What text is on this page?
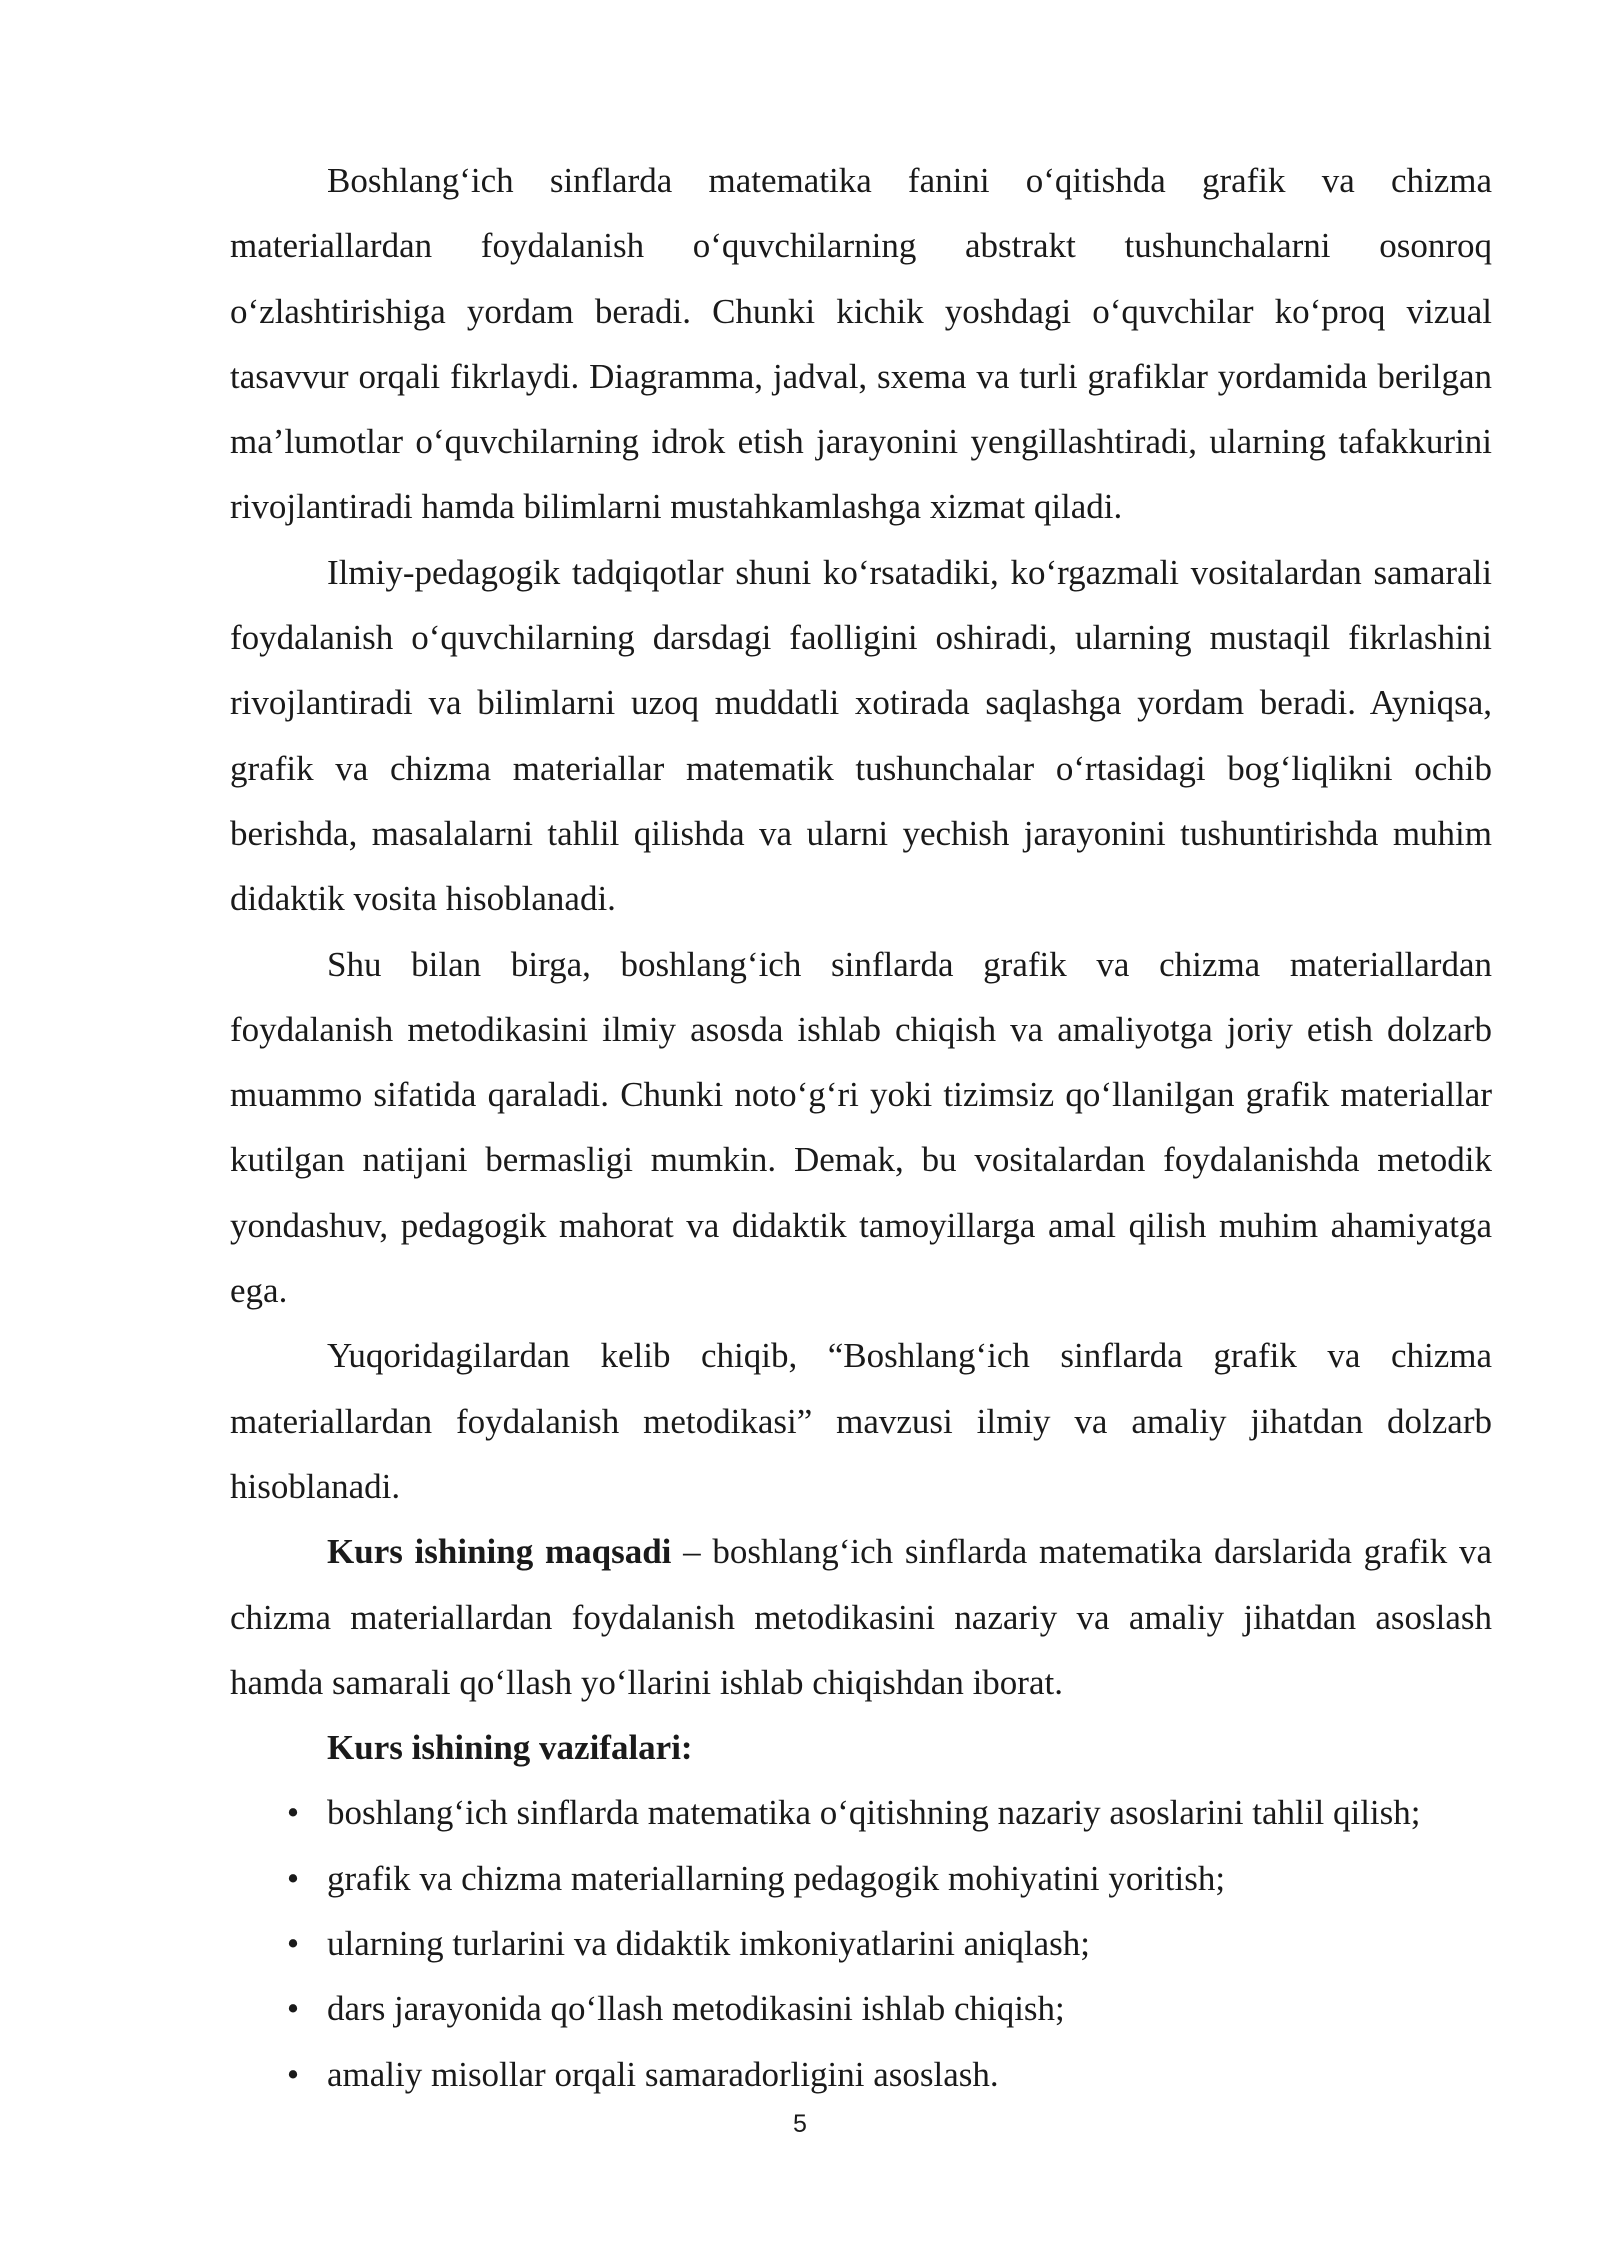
Boshlang‘ich sinflarda matematika fanini o‘qitishda grafik va chizma materiallardan foydalanish o‘quvchilarning abstrakt tushunchalarni osonroq o‘zlashtirishiga yordam beradi. Chunki kichik yoshdagi o‘quvchilar ko‘proq vizual tasavvur orqali fikrlaydi. Diagramma, jadval, sxema va turli grafiklar yordamida berilgan ma’lumotlar o‘quvchilarning idrok etish jarayonini yengillashtiradi, ularning tafakkurini rivojlantiradi hamda bilimlarni mustahkamlashga xizmat qiladi.

Ilmiy-pedagogik tadqiqotlar shuni ko‘rsatadiki, ko‘rgazmali vositalardan samarali foydalanish o‘quvchilarning darsdagi faolligini oshiradi, ularning mustaqil fikrlashini rivojlantiradi va bilimlarni uzoq muddatli xotirada saqlashga yordam beradi. Ayniqsa, grafik va chizma materiallar matematik tushunchalar o‘rtasidagi bog‘liqlikni ochib berishda, masalalarni tahlil qilishda va ularni yechish jarayonini tushuntirishda muhim didaktik vosita hisoblanadi.

Shu bilan birga, boshlang‘ich sinflarda grafik va chizma materiallardan foydalanish metodikasini ilmiy asosda ishlab chiqish va amaliyotga joriy etish dolzarb muammo sifatida qaraladi. Chunki noto‘g‘ri yoki tizimsiz qo‘llanilgan grafik materiallar kutilgan natijani bermasligi mumkin. Demak, bu vositalardan foydalanishda metodik yondashuv, pedagogik mahorat va didaktik tamoyillarga amal qilish muhim ahamiyatga ega.

Yuqoridagilardan kelib chiqib, “Boshlang‘ich sinflarda grafik va chizma materiallardan foydalanish metodikasi” mavzusi ilmiy va amaliy jihatdan dolzarb hisoblanadi.

Kurs ishining maqsadi – boshlang‘ich sinflarda matematika darslarida grafik va chizma materiallardan foydalanish metodikasini nazariy va amaliy jihatdan asoslash hamda samarali qo‘llash yo‘llarini ishlab chiqishdan iborat.

Kurs ishining vazifalari:

• boshlang‘ich sinflarda matematika o‘qitishning nazariy asoslarini tahlil qilish;
• grafik va chizma materiallarning pedagogik mohiyatini yoritish;
• ularning turlarini va didaktik imkoniyatlarini aniqlash;
• dars jarayonida qo‘llash metodikasini ishlab chiqish;
• amaliy misollar orqali samaradorligini asoslash.
5
